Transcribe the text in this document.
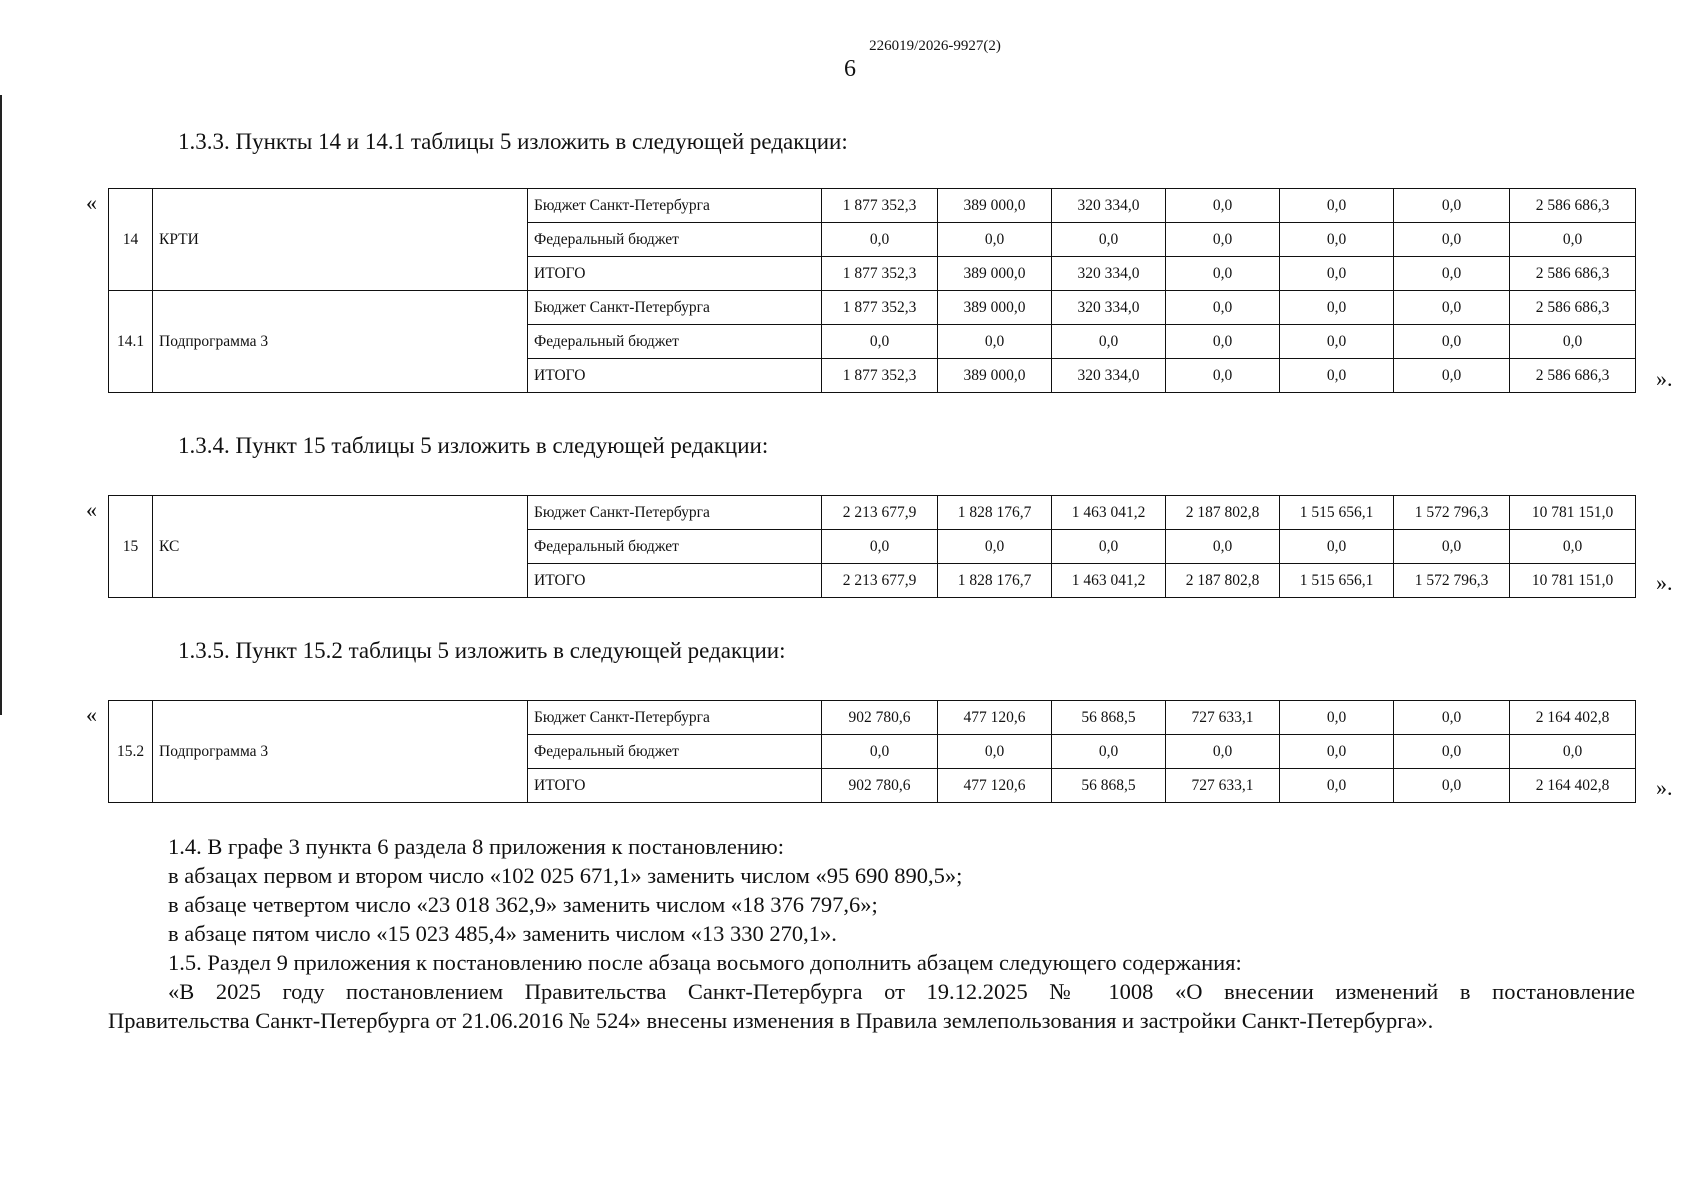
226019/2026-9927(2)
6
1.3.3. Пункты 14 и 14.1 таблицы 5 изложить в следующей редакции:
«
14	КРТИ	Бюджет Санкт-Петербурга	1 877 352,3	389 000,0	320 334,0	0,0	0,0	0,0	2 586 686,3
		Федеральный бюджет	0,0	0,0	0,0	0,0	0,0	0,0	0,0
		ИТОГО	1 877 352,3	389 000,0	320 334,0	0,0	0,0	0,0	2 586 686,3
14.1	Подпрограмма 3	Бюджет Санкт-Петербурга	1 877 352,3	389 000,0	320 334,0	0,0	0,0	0,0	2 586 686,3
		Федеральный бюджет	0,0	0,0	0,0	0,0	0,0	0,0	0,0
		ИТОГО	1 877 352,3	389 000,0	320 334,0	0,0	0,0	0,0	2 586 686,3 ».
1.3.4. Пункт 15 таблицы 5 изложить в следующей редакции:
«
15	КС	Бюджет Санкт-Петербурга	2 213 677,9	1 828 176,7	1 463 041,2	2 187 802,8	1 515 656,1	1 572 796,3	10 781 151,0
		Федеральный бюджет	0,0	0,0	0,0	0,0	0,0	0,0	0,0
		ИТОГО	2 213 677,9	1 828 176,7	1 463 041,2	2 187 802,8	1 515 656,1	1 572 796,3	10 781 151,0 ».
1.3.5. Пункт 15.2 таблицы 5 изложить в следующей редакции:
«
15.2	Подпрограмма 3	Бюджет Санкт-Петербурга	902 780,6	477 120,6	56 868,5	727 633,1	0,0	0,0	2 164 402,8
		Федеральный бюджет	0,0	0,0	0,0	0,0	0,0	0,0	0,0
		ИТОГО	902 780,6	477 120,6	56 868,5	727 633,1	0,0	0,0	2 164 402,8 ».
1.4. В графе 3 пункта 6 раздела 8 приложения к постановлению:
в абзацах первом и втором число «102 025 671,1» заменить числом «95 690 890,5»;
в абзаце четвертом число «23 018 362,9» заменить числом «18 376 797,6»;
в абзаце пятом число «15 023 485,4» заменить числом «13 330 270,1».
1.5. Раздел 9 приложения к постановлению после абзаца восьмого дополнить абзацем следующего содержания:
«В 2025 году постановлением Правительства Санкт-Петербурга от 19.12.2025 № 1008 «О внесении изменений в постановление
Правительства Санкт-Петербурга от 21.06.2016 № 524» внесены изменения в Правила землепользования и застройки Санкт-Петербурга».
